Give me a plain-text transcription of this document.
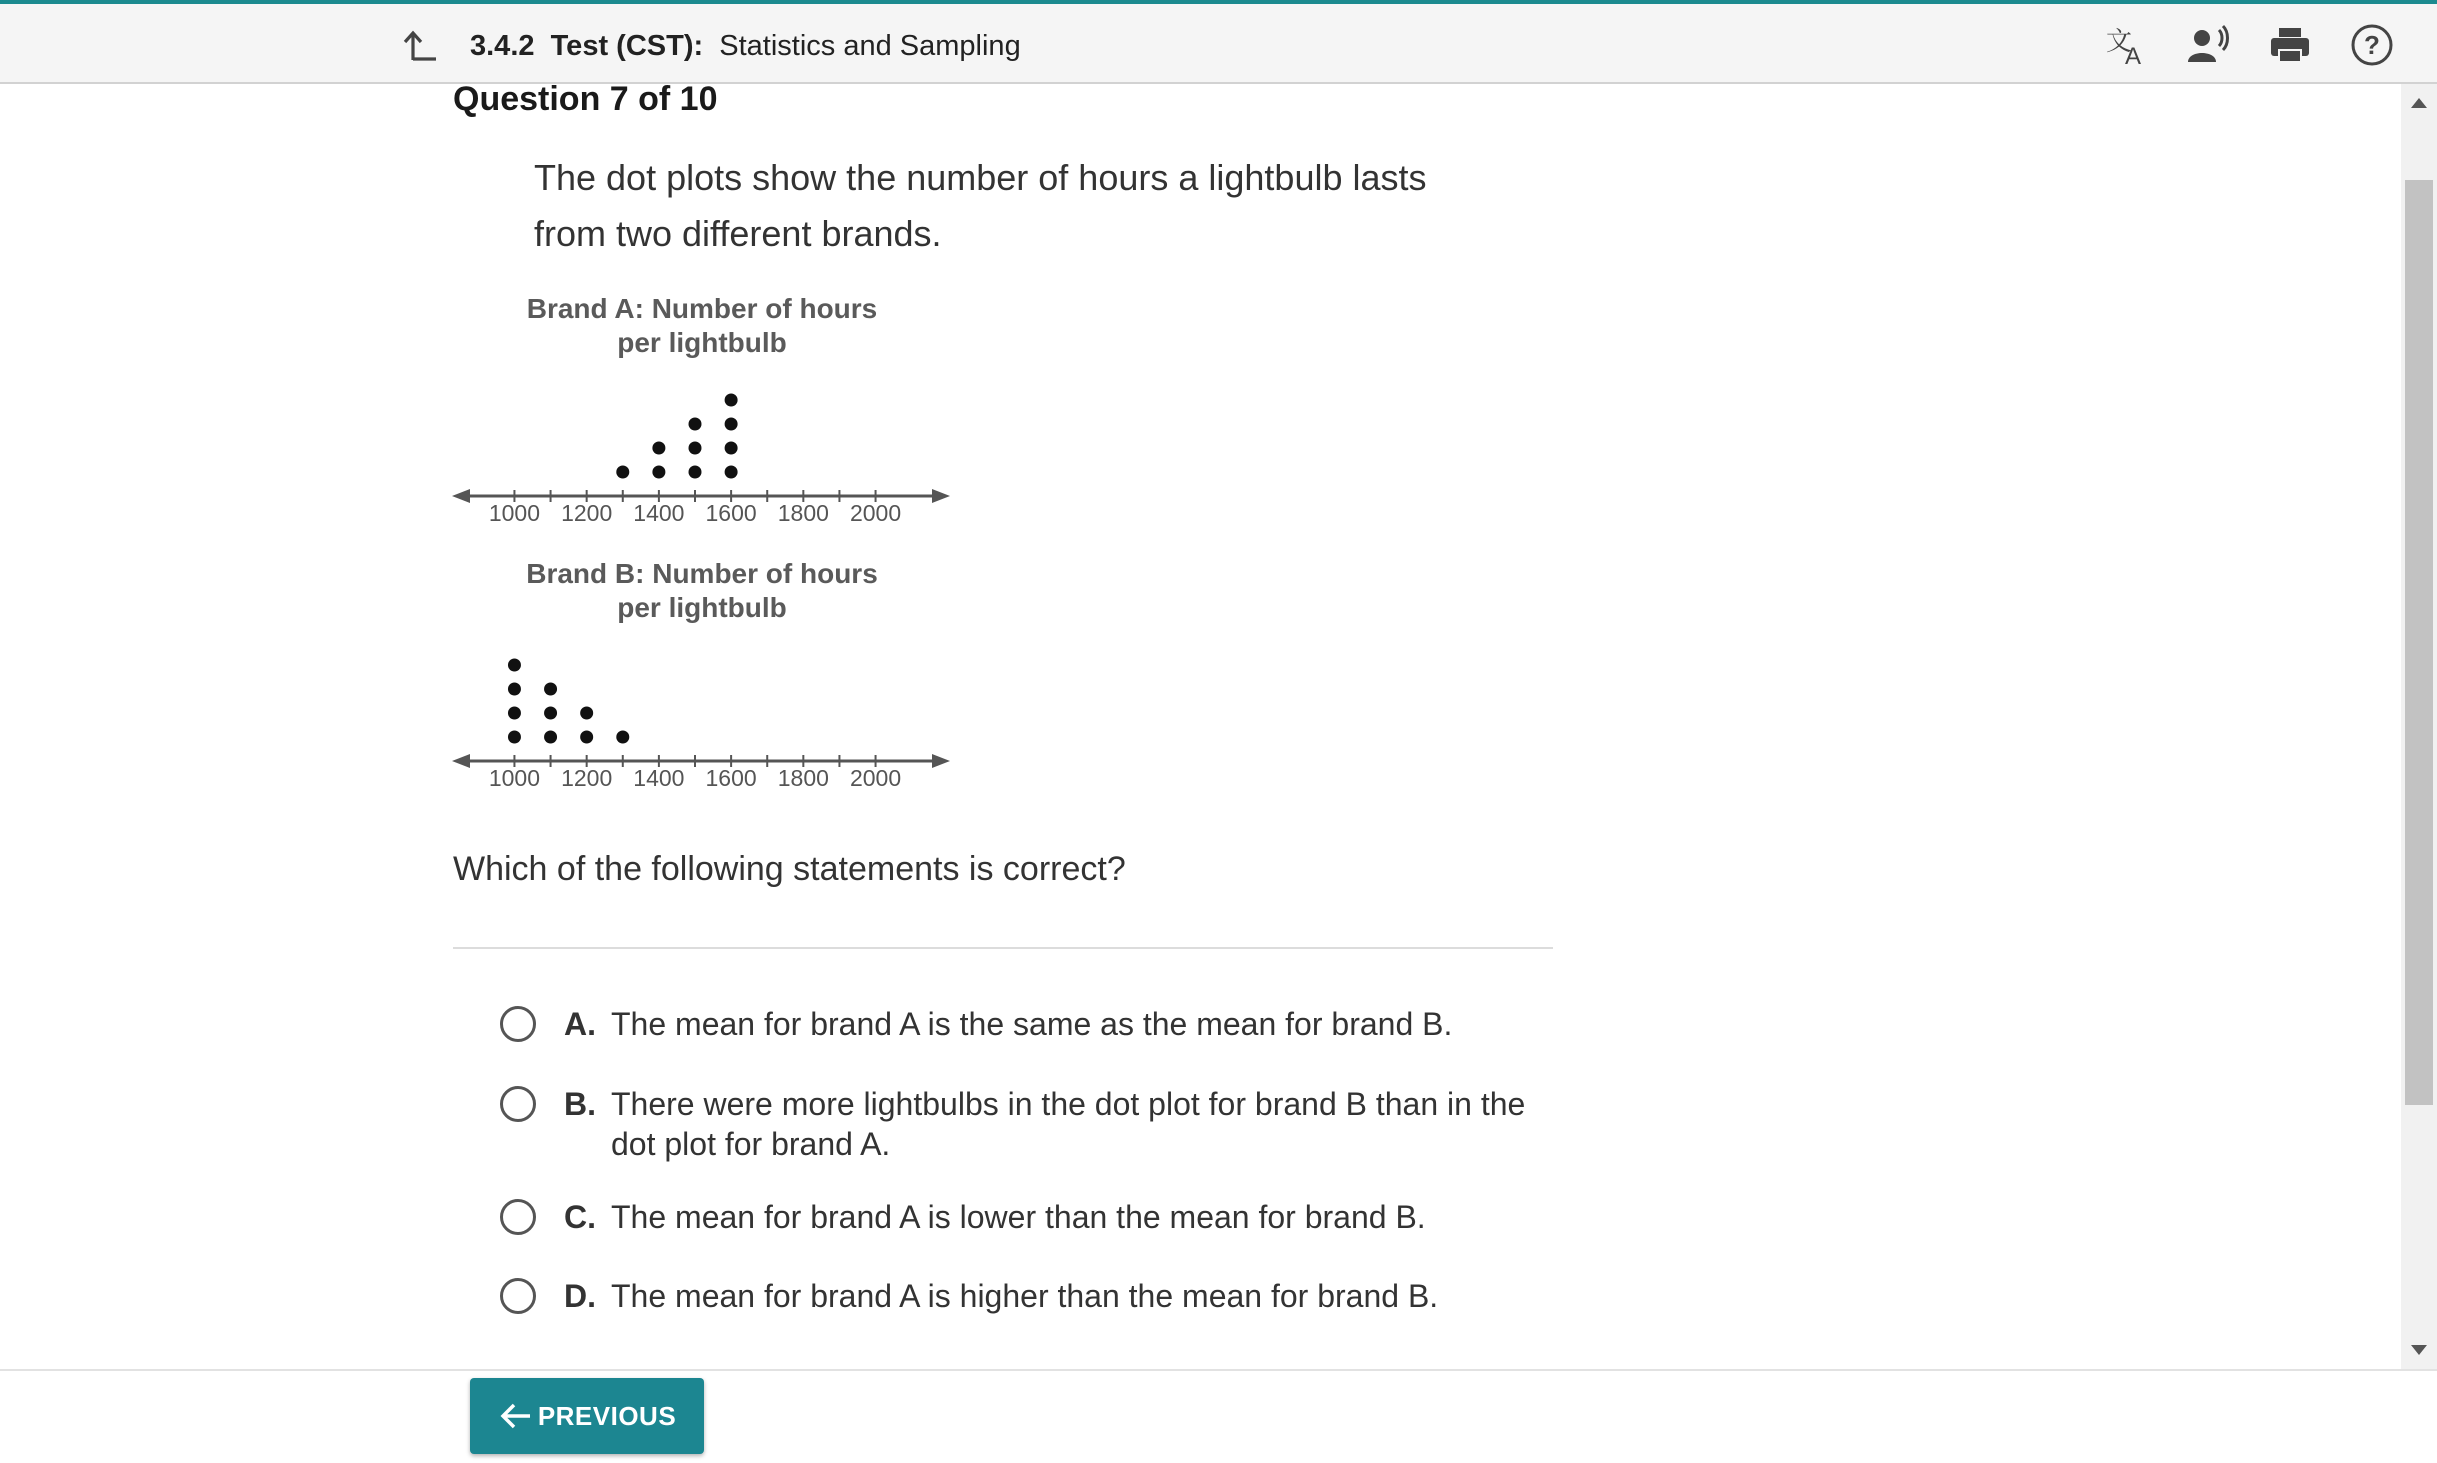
3.4.2 Test (CST): Statistics and Sampling	文
A	?
Question 7 of 10
The dot plots show the number of hours a lightbulb lasts from two different brands.
Brand A: Number of hours
per lightbulb
1000 1200 1400 1600 1800 2000
Brand B: Number of hours
per lightbulb
1000 1200 1400 1600 1800 2000
Which of the following statements is correct?
A. The mean for brand A is the same as the mean for brand B.
B. There were more lightbulbs in the dot plot for brand B than in the dot plot for brand A.
C. The mean for brand A is lower than the mean for brand B.
D. The mean for brand A is higher than the mean for brand B.
PREVIOUS
